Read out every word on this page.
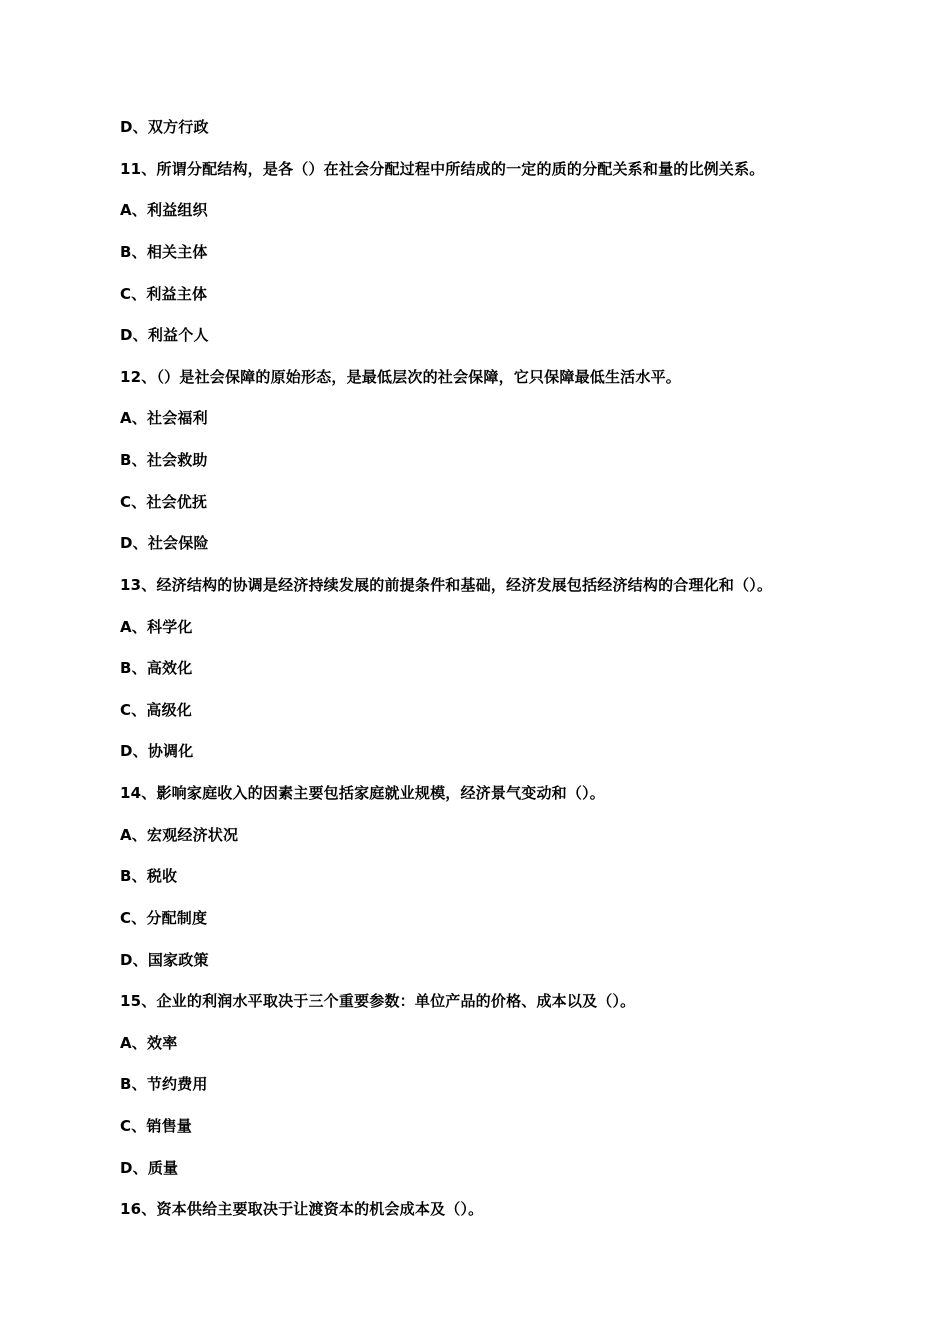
D、双方行政
11、所谓分配结构，是各（）在社会分配过程中所结成的一定的质的分配关系和量的比例关系。
A、利益组织
B、相关主体
C、利益主体
D、利益个人
12、（）是社会保障的原始形态，是最低层次的社会保障，它只保障最低生活水平。
A、社会福利
B、社会救助
C、社会优抚
D、社会保险
13、经济结构的协调是经济持续发展的前提条件和基础，经济发展包括经济结构的合理化和（）。
A、科学化
B、高效化
C、高级化
D、协调化
14、影响家庭收入的因素主要包括家庭就业规模，经济景气变动和（）。
A、宏观经济状况
B、税收
C、分配制度
D、国家政策
15、企业的利润水平取决于三个重要参数：单位产品的价格、成本以及（）。
A、效率
B、节约费用
C、销售量
D、质量
16、资本供给主要取决于让渡资本的机会成本及（）。
